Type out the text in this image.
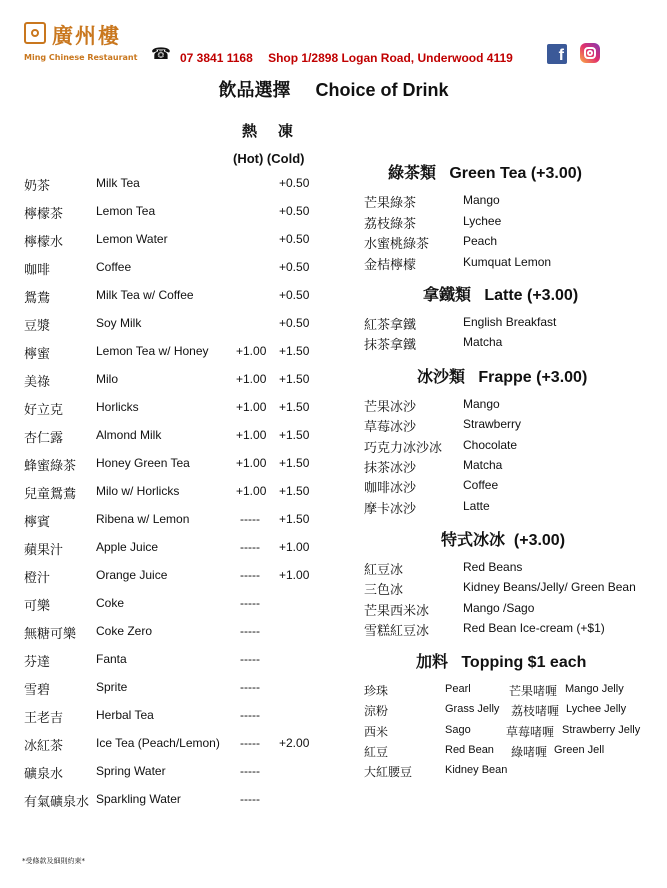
廣州樓
Ming Chinese Restaurant ☎ 07 3841 1168 Shop 1/2898 Logan Road, Underwood 4119	f
飲品選擇     Choice of Drink
熱    凍
(Hot) (Cold)
奶茶	Milk Tea	+0.50
檸檬茶	Lemon Tea	+0.50
檸檬水	Lemon Water	+0.50
咖啡	Coffee	+0.50
鴛鴦	Milk Tea w/ Coffee	+0.50
豆漿	Soy Milk	+0.50
檸蜜	Lemon Tea w/ Honey +1.00 +1.50
美祿	Milo	+1.00 +1.50
好立克	Horlicks	+1.00 +1.50
杏仁露	Almond Milk	+1.00 +1.50
蜂蜜綠茶 Honey Green Tea	+1.00 +1.50
兒童鴛鴦 Milo w/ Horlicks	+1.00 +1.50
檸賓	Ribena w/ Lemon	----- +1.50
蘋果汁	Apple Juice	----- +1.00
橙汁	Orange Juice	----- +1.00
可樂	Coke	-----
無糖可樂 Coke Zero	-----
芬達	Fanta	-----
雪碧	Sprite	-----
王老吉	Herbal Tea	-----
冰紅茶	Ice Tea (Peach/Lemon) ----- +2.00
礦泉水	Spring Water	-----
有氣礦泉水 Sparkling Water	-----
綠茶類   Green Tea (+3.00)
芒果綠茶	Mango
荔枝綠茶	Lychee
水蜜桃綠茶	Peach
金桔檸檬	Kumquat Lemon
拿鐵類   Latte (+3.00)
紅茶拿鐵	English Breakfast
抹茶拿鐵	Matcha
冰沙類   Frappe (+3.00)
芒果冰沙	Mango
草莓冰沙	Strawberry
巧克力冰沙冰 Chocolate
抹茶冰沙	Matcha
咖啡冰沙	Coffee
摩卡冰沙	Latte
特式冰冰  (+3.00)
紅豆冰	Red Beans
三色冰	Kidney Beans/Jelly/ Green Bean
芒果西米冰	Mango /Sago
雪糕紅豆冰	Red Bean Ice-cream (+$1)
加料   Topping $1 each
珍珠	Pearl	芒果啫喱 Mango Jelly
涼粉	Grass Jelly 荔枝啫喱 Lychee Jelly
西米	Sago	草莓啫喱 Strawberry Jelly
紅豆	Red Bean 綠啫喱 Green Jell
大紅腰豆	Kidney Bean
*受條款及細則約束*
